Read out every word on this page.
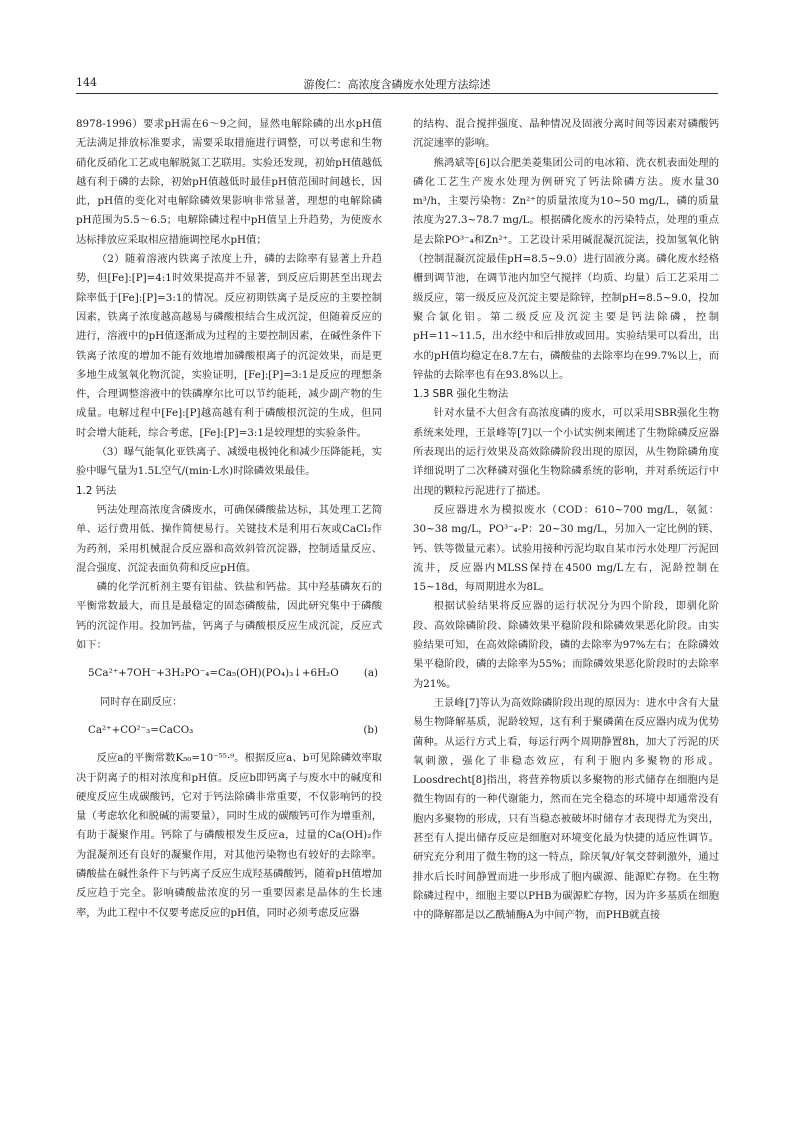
144	游俊仁：高浓度含磷废水处理方法综述

8978-1996）要求pH需在6～9之间，显然电解除磷的出水pH值无法满足排放标准要求，需要采取措施进行调整，可以考虑和生物硝化反硝化工艺或电解脱氮工艺联用。实验还发现，初始pH值越低越有利于磷的去除，初始pH值越低时最佳pH值范围时间越长，因此，pH值的变化对电解除磷效果影响非常显著，理想的电解除磷pH范围为5.5～6.5；电解除磷过程中pH值呈上升趋势，为使废水达标排放应采取相应措施调控尾水pH值；

（2）随着溶液内铁离子浓度上升，磷的去除率有显著上升趋势，但[Fe]:[P]=4:1时效果提高并不显著，到反应后期甚至出现去除率低于[Fe]:[P]=3:1的情况。反应初期铁离子是反应的主要控制因素，铁离子浓度越高越易与磷酸根结合生成沉淀，但随着反应的进行，溶液中的pH值逐渐成为过程的主要控制因素，在碱性条件下铁离子浓度的增加不能有效地增加磷酸根离子的沉淀效果，而是更多地生成氢氧化物沉淀，实验证明，[Fe]:[P]=3:1是反应的理想条件，合理调整溶液中的铁磷摩尔比可以节约能耗，减少副产物的生成量。电解过程中[Fe]:[P]越高越有利于磷酸根沉淀的生成，但同时会增大能耗，综合考虑，[Fe]:[P]=3:1是较理想的实验条件。

（3）曝气能氧化亚铁离子、减缓电极钝化和减少压降能耗，实验中曝气量为1.5L空气/(min·L水)时除磷效果最佳。

1.2 钙法

钙法处理高浓度含磷废水，可确保磷酸盐达标，其处理工艺简单、运行费用低、操作简便易行。关键技术是利用石灰或CaCl₂作为药剂，采用机械混合反应器和高效斜管沉淀器，控制适量反应、混合强度、沉淀表面负荷和反应pH值。

磷的化学沉析剂主要有铝盐、铁盐和钙盐。其中羟基磷灰石的平衡常数最大，而且是最稳定的固态磷酸盐，因此研究集中于磷酸钙的沉淀作用。投加钙盐，钙离子与磷酸根反应生成沉淀，反应式如下：

5Ca²⁺+7OH⁻+3H₂PO⁻₄=Ca₅(OH)(PO₄)₃↓+6H₂O (a)

同时存在副反应：

Ca²⁺+CO²⁻₃=CaCO₃	(b)

反应a的平衡常数K₅₀=10⁻⁵⁵·⁹。根据反应a、b可见除磷效率取决于阴离子的相对浓度和pH值。反应b即钙离子与废水中的碱度和硬度反应生成碳酸钙，它对于钙法除磷非常重要，不仅影响钙的投量（考虑软化和脱碱的需要量），同时生成的碳酸钙可作为增重剂，有助于凝聚作用。钙除了与磷酸根发生反应a，过量的Ca(OH)₂作为混凝剂还有良好的凝聚作用，对其他污染物也有较好的去除率。磷酸盐在碱性条件下与钙离子反应生成羟基磷酸钙，随着pH值增加反应趋于完全。影响磷酸盐浓度的另一重要因素是晶体的生长速率，为此工程中不仅要考虑反应的pH值，同时必须考虑反应器

的结构、混合搅拌强度、晶种情况及固液分离时间等因素对磷酸钙沉淀速率的影响。

熊鸿斌等[6]以合肥美菱集团公司的电冰箱、洗衣机表面处理的磷化工艺生产废水处理为例研究了钙法除磷方法。废水量30 m³/h，主要污染物：Zn²⁺的质量浓度为10~50 mg/L，磷的质量浓度为27.3~78.7 mg/L。根据磷化废水的污染特点，处理的重点是去除PO³⁻₄和Zn²⁺。工艺设计采用碱混凝沉淀法，投加氢氧化钠（控制混凝沉淀最佳pH=8.5~9.0）进行固液分离。磷化废水经格栅到调节池，在调节池内加空气搅拌（均质、均量）后工艺采用二级反应，第一级反应及沉淀主要是除锌，控制pH=8.5~9.0，投加聚合氯化铝。第二级反应及沉淀主要是钙法除磷，控制pH=11~11.5，出水经中和后排放或回用。实验结果可以看出，出水的pH值均稳定在8.7左右，磷酸盐的去除率均在99.7%以上，而锌盐的去除率也有在93.8%以上。

1.3 SBR 强化生物法

针对水量不大但含有高浓度磷的废水，可以采用SBR强化生物系统来处理，王景峰等[7]以一个小试实例来阐述了生物除磷反应器所表现出的运行效果及高效除磷阶段出现的原因，从生物除磷角度详细说明了二次释磷对强化生物除磷系统的影响，并对系统运行中出现的颗粒污泥进行了描述。

反应器进水为模拟废水（COD：610~700 mg/L，氨氮：30~38 mg/L，PO³⁻₄-P：20~30 mg/L，另加入一定比例的镁、钙、铁等微量元素）。试验用接种污泥均取自某市污水处理厂污泥回流井，反应器内MLSS保持在4500 mg/L左右，泥龄控制在15~18d，每周期进水为8L。

根据试验结果将反应器的运行状况分为四个阶段，即驯化阶段、高效除磷阶段、除磷效果平稳阶段和除磷效果恶化阶段。由实验结果可知，在高效除磷阶段，磷的去除率为97%左右；在除磷效果平稳阶段，磷的去除率为55%；而除磷效果恶化阶段时的去除率为21%。

王景峰[7]等认为高效除磷阶段出现的原因为：进水中含有大量易生物降解基质，泥龄较短，这有利于聚磷菌在反应器内成为优势菌种。从运行方式上看，每运行两个周期静置8h，加大了污泥的厌氧刺激，强化了非稳态效应，有利于胞内多聚物的形成。Loosdrecht[8]指出，将营养物质以多聚物的形式储存在细胞内是微生物固有的一种代谢能力，然而在完全稳态的环境中却通常没有胞内多聚物的形成，只有当稳态被破坏时储存才表现得尤为突出，甚至有人提出储存反应是细胞对环境变化最为快捷的适应性调节。研究充分利用了微生物的这一特点，除厌氧/好氧交替刺激外，通过排水后长时间静置而进一步形成了胞内碳源、能源贮存物。在生物除磷过程中，细胞主要以PHB为碳源贮存物，因为许多基质在细胞中的降解都是以乙酰辅酶A为中间产物，而PHB就直接
